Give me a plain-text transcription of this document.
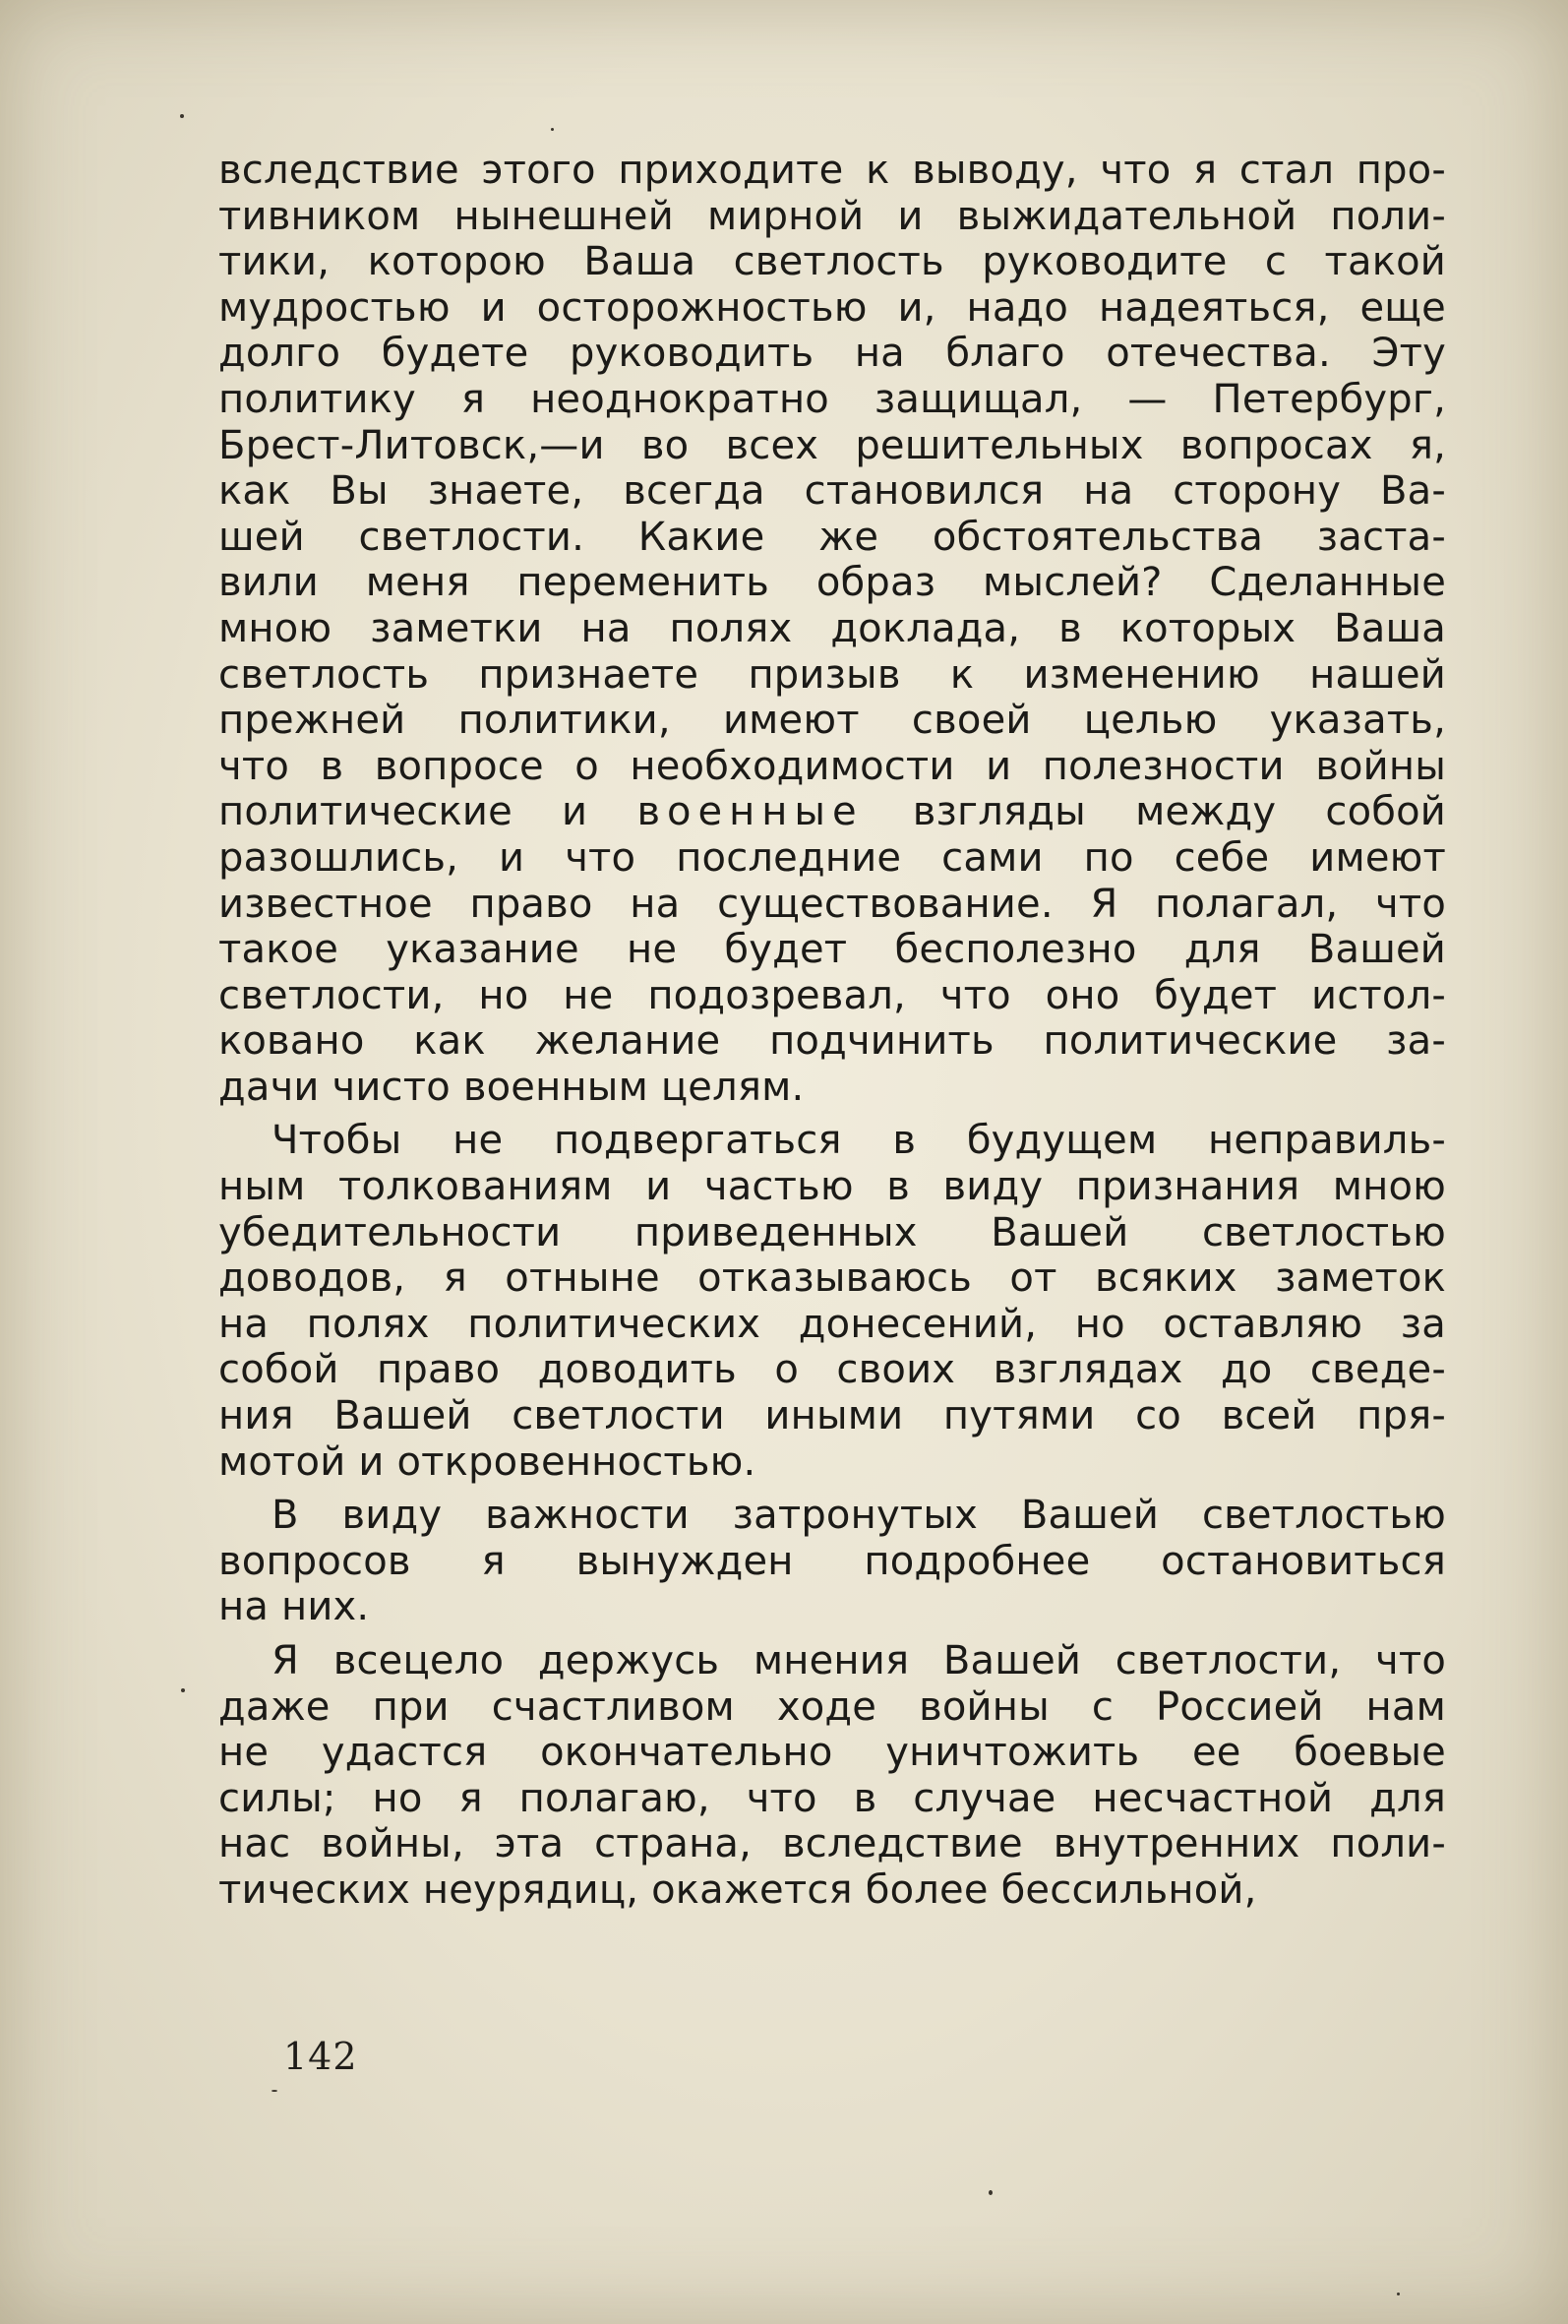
вследствие этого приходите к выводу, что я стал про-
тивником нынешней мирной и выжидательной поли-
тики, которою Ваша светлость руководите с такой
мудростью и осторожностью и, надо надеяться, еще
долго будете руководить на благо отечества. Эту
политику я неоднократно защищал, — Петербург,
Брест-Литовск,—и во всех решительных вопросах я,
как Вы знаете, всегда становился на сторону Ва-
шей светлости. Какие же обстоятельства заста-
вили меня переменить образ мыслей? Сделанные
мною заметки на полях доклада, в которых Ваша
светлость признаете призыв к изменению нашей
прежней политики, имеют своей целью указать,
что в вопросе о необходимости и полезности войны
политические и военные взгляды между собой
разошлись, и что последние сами по себе имеют
известное право на существование. Я полагал, что
такое указание не будет бесполезно для Вашей
светлости, но не подозревал, что оно будет истол-
ковано как желание подчинить политические за-
дачи чисто военным целям.

Чтобы не подвергаться в будущем неправиль-
ным толкованиям и частью в виду признания мною
убедительности приведенных Вашей светлостью
доводов, я отныне отказываюсь от всяких заметок
на полях политических донесений, но оставляю за
собой право доводить о своих взглядах до сведе-
ния Вашей светлости иными путями со всей пря-
мотой и откровенностью.

В виду важности затронутых Вашей светлостью
вопросов я вынужден подробнее остановиться
на них.

Я всецело держусь мнения Вашей светлости, что
даже при счастливом ходе войны с Россией нам
не удастся окончательно уничтожить ее боевые
силы; но я полагаю, что в случае несчастной для
нас войны, эта страна, вследствие внутренних поли-
тических неурядиц, окажется более бессильной,

142
